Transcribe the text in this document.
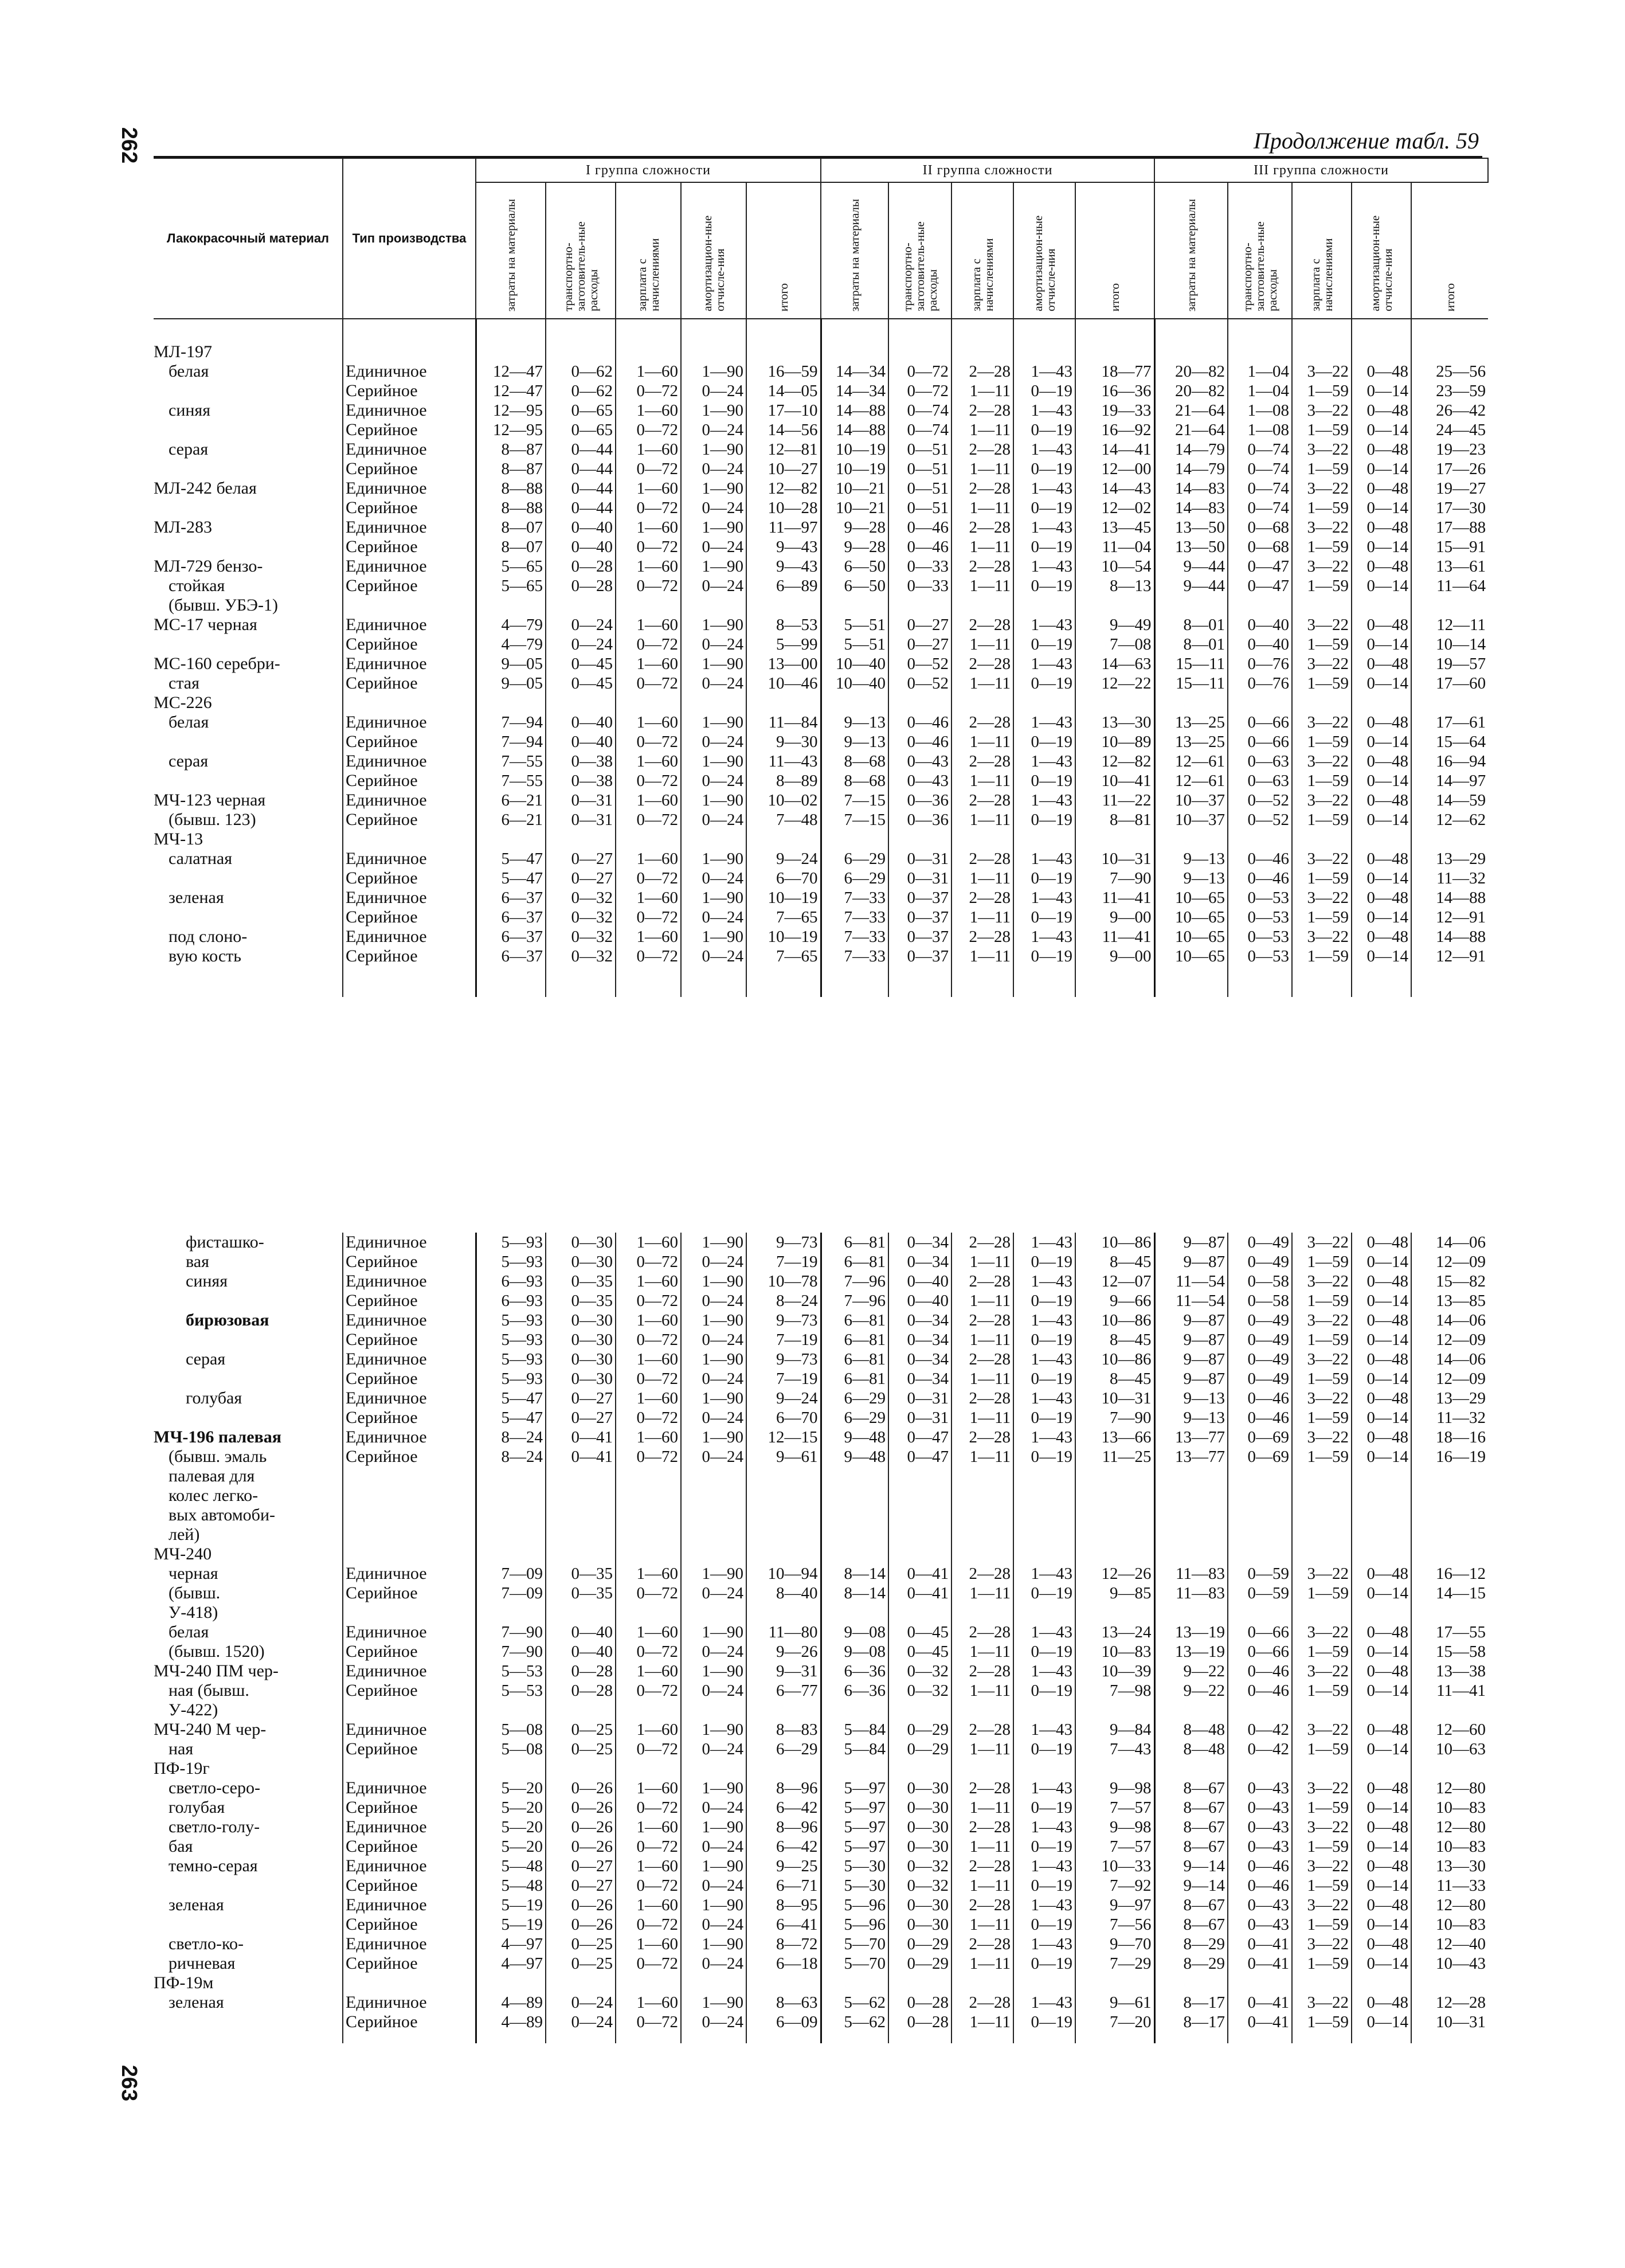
262	Продолжение табл. 59
Лакокрасочный материал	Тип производства	I группа сложности					II группа сложности					III группа сложности				
		затраты на материалы	транспортно-заготовитель-ные расходы	зарплата с начислениями	амортизацион-ные отчисле-ния	итого	затраты на материалы	транспортно-заготовитель-ные расходы	зарплата с начислениями	амортизацион-ные отчисле-ния	итого	затраты на материалы	транспортно-заготовитель-ные расходы	зарплата с начислениями	амортизацион-ные отчисле-ния	итого

МЛ-197																
белая	Единичное	12—47	0—62	1—60	1—90	16—59	14—34	0—72	2—28	1—43	18—77	20—82	1—04	3—22	0—48	25—56
	Серийное	12—47	0—62	0—72	0—24	14—05	14—34	0—72	1—11	0—19	16—36	20—82	1—04	1—59	0—14	23—59
синяя	Единичное	12—95	0—65	1—60	1—90	17—10	14—88	0—74	2—28	1—43	19—33	21—64	1—08	3—22	0—48	26—42
	Серийное	12—95	0—65	0—72	0—24	14—56	14—88	0—74	1—11	0—19	16—92	21—64	1—08	1—59	0—14	24—45
серая	Единичное	8—87	0—44	1—60	1—90	12—81	10—19	0—51	2—28	1—43	14—41	14—79	0—74	3—22	0—48	19—23
	Серийное	8—87	0—44	0—72	0—24	10—27	10—19	0—51	1—11	0—19	12—00	14—79	0—74	1—59	0—14	17—26
МЛ-242 белая	Единичное	8—88	0—44	1—60	1—90	12—82	10—21	0—51	2—28	1—43	14—43	14—83	0—74	3—22	0—48	19—27
	Серийное	8—88	0—44	0—72	0—24	10—28	10—21	0—51	1—11	0—19	12—02	14—83	0—74	1—59	0—14	17—30
МЛ-283	Единичное	8—07	0—40	1—60	1—90	11—97	9—28	0—46	2—28	1—43	13—45	13—50	0—68	3—22	0—48	17—88
	Серийное	8—07	0—40	0—72	0—24	9—43	9—28	0—46	1—11	0—19	11—04	13—50	0—68	1—59	0—14	15—91
МЛ-729 бензо-	Единичное	5—65	0—28	1—60	1—90	9—43	6—50	0—33	2—28	1—43	10—54	9—44	0—47	3—22	0—48	13—61
стойкая	Серийное	5—65	0—28	0—72	0—24	6—89	6—50	0—33	1—11	0—19	8—13	9—44	0—47	1—59	0—14	11—64
(бывш. УБЭ-1)																
МС-17 черная	Единичное	4—79	0—24	1—60	1—90	8—53	5—51	0—27	2—28	1—43	9—49	8—01	0—40	3—22	0—48	12—11
	Серийное	4—79	0—24	0—72	0—24	5—99	5—51	0—27	1—11	0—19	7—08	8—01	0—40	1—59	0—14	10—14
МС-160 серебри-	Единичное	9—05	0—45	1—60	1—90	13—00	10—40	0—52	2—28	1—43	14—63	15—11	0—76	3—22	0—48	19—57
стая	Серийное	9—05	0—45	0—72	0—24	10—46	10—40	0—52	1—11	0—19	12—22	15—11	0—76	1—59	0—14	17—60
МС-226																
белая	Единичное	7—94	0—40	1—60	1—90	11—84	9—13	0—46	2—28	1—43	13—30	13—25	0—66	3—22	0—48	17—61
	Серийное	7—94	0—40	0—72	0—24	9—30	9—13	0—46	1—11	0—19	10—89	13—25	0—66	1—59	0—14	15—64
серая	Единичное	7—55	0—38	1—60	1—90	11—43	8—68	0—43	2—28	1—43	12—82	12—61	0—63	3—22	0—48	16—94
	Серийное	7—55	0—38	0—72	0—24	8—89	8—68	0—43	1—11	0—19	10—41	12—61	0—63	1—59	0—14	14—97
МЧ-123 черная	Единичное	6—21	0—31	1—60	1—90	10—02	7—15	0—36	2—28	1—43	11—22	10—37	0—52	3—22	0—48	14—59
(бывш. 123)	Серийное	6—21	0—31	0—72	0—24	7—48	7—15	0—36	1—11	0—19	8—81	10—37	0—52	1—59	0—14	12—62
МЧ-13																
салатная	Единичное	5—47	0—27	1—60	1—90	9—24	6—29	0—31	2—28	1—43	10—31	9—13	0—46	3—22	0—48	13—29
	Серийное	5—47	0—27	0—72	0—24	6—70	6—29	0—31	1—11	0—19	7—90	9—13	0—46	1—59	0—14	11—32
зеленая	Единичное	6—37	0—32	1—60	1—90	10—19	7—33	0—37	2—28	1—43	11—41	10—65	0—53	3—22	0—48	14—88
	Серийное	6—37	0—32	0—72	0—24	7—65	7—33	0—37	1—11	0—19	9—00	10—65	0—53	1—59	0—14	12—91
под слоно-	Единичное	6—37	0—32	1—60	1—90	10—19	7—33	0—37	2—28	1—43	11—41	10—65	0—53	3—22	0—48	14—88
вую кость	Серийное	6—37	0—32	0—72	0—24	7—65	7—33	0—37	1—11	0—19	9—00	10—65	0—53	1—59	0—14	12—91

фисташко-	Единичное	5—93	0—30	1—60	1—90	9—73	6—81	0—34	2—28	1—43	10—86	9—87	0—49	3—22	0—48	14—06
вая	Серийное	5—93	0—30	0—72	0—24	7—19	6—81	0—34	1—11	0—19	8—45	9—87	0—49	1—59	0—14	12—09
синяя	Единичное	6—93	0—35	1—60	1—90	10—78	7—96	0—40	2—28	1—43	12—07	11—54	0—58	3—22	0—48	15—82
	Серийное	6—93	0—35	0—72	0—24	8—24	7—96	0—40	1—11	0—19	9—66	11—54	0—58	1—59	0—14	13—85
бирюзовая	Единичное	5—93	0—30	1—60	1—90	9—73	6—81	0—34	2—28	1—43	10—86	9—87	0—49	3—22	0—48	14—06
	Серийное	5—93	0—30	0—72	0—24	7—19	6—81	0—34	1—11	0—19	8—45	9—87	0—49	1—59	0—14	12—09
серая	Единичное	5—93	0—30	1—60	1—90	9—73	6—81	0—34	2—28	1—43	10—86	9—87	0—49	3—22	0—48	14—06
	Серийное	5—93	0—30	0—72	0—24	7—19	6—81	0—34	1—11	0—19	8—45	9—87	0—49	1—59	0—14	12—09
голубая	Единичное	5—47	0—27	1—60	1—90	9—24	6—29	0—31	2—28	1—43	10—31	9—13	0—46	3—22	0—48	13—29
	Серийное	5—47	0—27	0—72	0—24	6—70	6—29	0—31	1—11	0—19	7—90	9—13	0—46	1—59	0—14	11—32
МЧ-196 палевая	Единичное	8—24	0—41	1—60	1—90	12—15	9—48	0—47	2—28	1—43	13—66	13—77	0—69	3—22	0—48	18—16
(бывш. эмаль	Серийное	8—24	0—41	0—72	0—24	9—61	9—48	0—47	1—11	0—19	11—25	13—77	0—69	1—59	0—14	16—19
палевая для																
колес легко-																
вых автомоби-																
лей)																
МЧ-240																
черная	Единичное	7—09	0—35	1—60	1—90	10—94	8—14	0—41	2—28	1—43	12—26	11—83	0—59	3—22	0—48	16—12
(бывш.	Серийное	7—09	0—35	0—72	0—24	8—40	8—14	0—41	1—11	0—19	9—85	11—83	0—59	1—59	0—14	14—15
У-418)																
белая	Единичное	7—90	0—40	1—60	1—90	11—80	9—08	0—45	2—28	1—43	13—24	13—19	0—66	3—22	0—48	17—55
(бывш. 1520)	Серийное	7—90	0—40	0—72	0—24	9—26	9—08	0—45	1—11	0—19	10—83	13—19	0—66	1—59	0—14	15—58
МЧ-240 ПМ чер-	Единичное	5—53	0—28	1—60	1—90	9—31	6—36	0—32	2—28	1—43	10—39	9—22	0—46	3—22	0—48	13—38
ная (бывш.	Серийное	5—53	0—28	0—72	0—24	6—77	6—36	0—32	1—11	0—19	7—98	9—22	0—46	1—59	0—14	11—41
У-422)																
МЧ-240 М чер-	Единичное	5—08	0—25	1—60	1—90	8—83	5—84	0—29	2—28	1—43	9—84	8—48	0—42	3—22	0—48	12—60
ная	Серийное	5—08	0—25	0—72	0—24	6—29	5—84	0—29	1—11	0—19	7—43	8—48	0—42	1—59	0—14	10—63
ПФ-19г																
светло-серо-	Единичное	5—20	0—26	1—60	1—90	8—96	5—97	0—30	2—28	1—43	9—98	8—67	0—43	3—22	0—48	12—80
голубая	Серийное	5—20	0—26	0—72	0—24	6—42	5—97	0—30	1—11	0—19	7—57	8—67	0—43	1—59	0—14	10—83
светло-голу-	Единичное	5—20	0—26	1—60	1—90	8—96	5—97	0—30	2—28	1—43	9—98	8—67	0—43	3—22	0—48	12—80
бая	Серийное	5—20	0—26	0—72	0—24	6—42	5—97	0—30	1—11	0—19	7—57	8—67	0—43	1—59	0—14	10—83
темно-серая	Единичное	5—48	0—27	1—60	1—90	9—25	5—30	0—32	2—28	1—43	10—33	9—14	0—46	3—22	0—48	13—30
	Серийное	5—48	0—27	0—72	0—24	6—71	5—30	0—32	1—11	0—19	7—92	9—14	0—46	1—59	0—14	11—33
зеленая	Единичное	5—19	0—26	1—60	1—90	8—95	5—96	0—30	2—28	1—43	9—97	8—67	0—43	3—22	0—48	12—80
	Серийное	5—19	0—26	0—72	0—24	6—41	5—96	0—30	1—11	0—19	7—56	8—67	0—43	1—59	0—14	10—83
светло-ко-	Единичное	4—97	0—25	1—60	1—90	8—72	5—70	0—29	2—28	1—43	9—70	8—29	0—41	3—22	0—48	12—40
ричневая	Серийное	4—97	0—25	0—72	0—24	6—18	5—70	0—29	1—11	0—19	7—29	8—29	0—41	1—59	0—14	10—43
ПФ-19м																
зеленая	Единичное	4—89	0—24	1—60	1—90	8—63	5—62	0—28	2—28	1—43	9—61	8—17	0—41	3—22	0—48	12—28
	Серийное	4—89	0—24	0—72	0—24	6—09	5—62	0—28	1—11	0—19	7—20	8—17	0—41	1—59	0—14	10—31

263
